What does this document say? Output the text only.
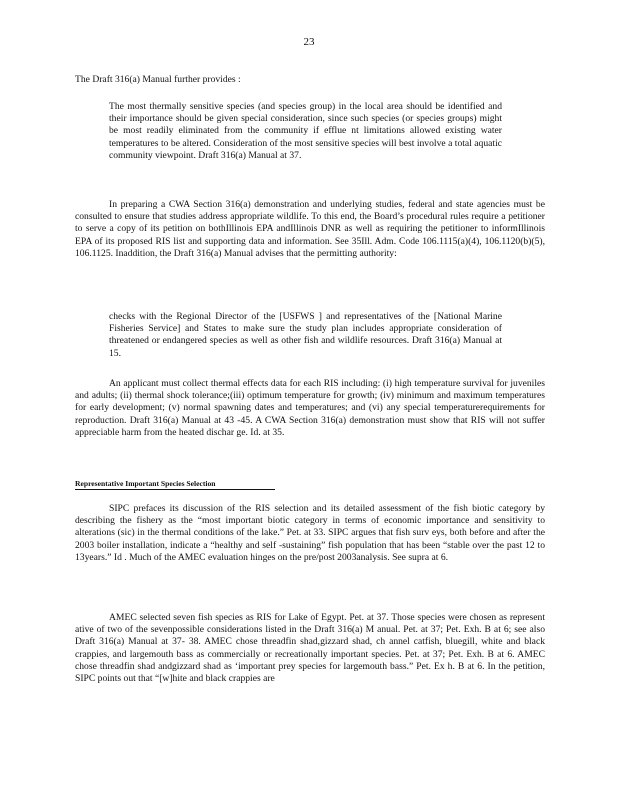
23

The Draft 316(a) Manual further provides :

The most thermally sensitive species (and species group) in the local area should be identified and their importance should be given special consideration, since such species (or species groups) might be most readily eliminated from the community if efflue nt limitations allowed existing water temperatures to be altered. Consideration of the most sensitive species will best involve a total aquatic community viewpoint. Draft 316(a) Manual at 37.

In preparing a CWA Section 316(a) demonstration and underlying studies, federal and state agencies must be consulted to ensure that studies address appropriate wildlife. To this end, the Board’s procedural rules require a petitioner to serve a copy of its petition on bothIllinois EPA andIllinois DNR as well as requiring the petitioner to informIllinois EPA of its proposed RIS list and supporting data and information. See 35Ill. Adm. Code 106.1115(a)(4), 106.1120(b)(5), 106.1125. Inaddition, the Draft 316(a) Manual advises that the permitting authority:

checks with the Regional Director of the [USFWS ] and representatives of the [National Marine Fisheries Service] and States to make sure the study plan includes appropriate consideration of threatened or endangered species as well as other fish and wildlife resources. Draft 316(a) Manual at 15.

An applicant must collect thermal effects data for each RIS including: (i) high temperature survival for juveniles and adults; (ii) thermal shock tolerance;(iii) optimum temperature for growth; (iv) minimum and maximum temperatures for early development; (v) normal spawning dates and temperatures; and (vi) any special temperaturerequirements for reproduction. Draft 316(a) Manual at 43 -45. A CWA Section 316(a) demonstration must show that RIS will not suffer appreciable harm from the heated dischar ge. Id. at 35.

Representative Important Species Selection

SIPC prefaces its discussion of the RIS selection and its detailed assessment of the fish biotic category by describing the fishery as the “most important biotic category in terms of economic importance and sensitivity to alterations (sic) in the thermal conditions of the lake.” Pet. at 33. SIPC argues that fish surv eys, both before and after the 2003 boiler installation, indicate a “healthy and self -sustaining” fish population that has been “stable over the past 12 to 13years.” Id . Much of the AMEC evaluation hinges on the pre/post 2003analysis. See supra at 6.

AMEC selected seven fish species as RIS for Lake of Egypt. Pet. at 37. Those species were chosen as represent ative of two of the sevenpossible considerations listed in the Draft 316(a) M anual. Pet. at 37; Pet. Exh. B at 6; see also Draft 316(a) Manual at 37- 38. AMEC chose threadfin shad,gizzard shad, ch annel catfish, bluegill, white and black crappies, and largemouth bass as commercially or recreationally important species. Pet. at 37; Pet. Exh. B at 6. AMEC chose threadfin shad andgizzard shad as ‘important prey species for largemouth bass.” Pet. Ex h. B at 6. In the petition, SIPC points out that “[w]hite and black crappies are
